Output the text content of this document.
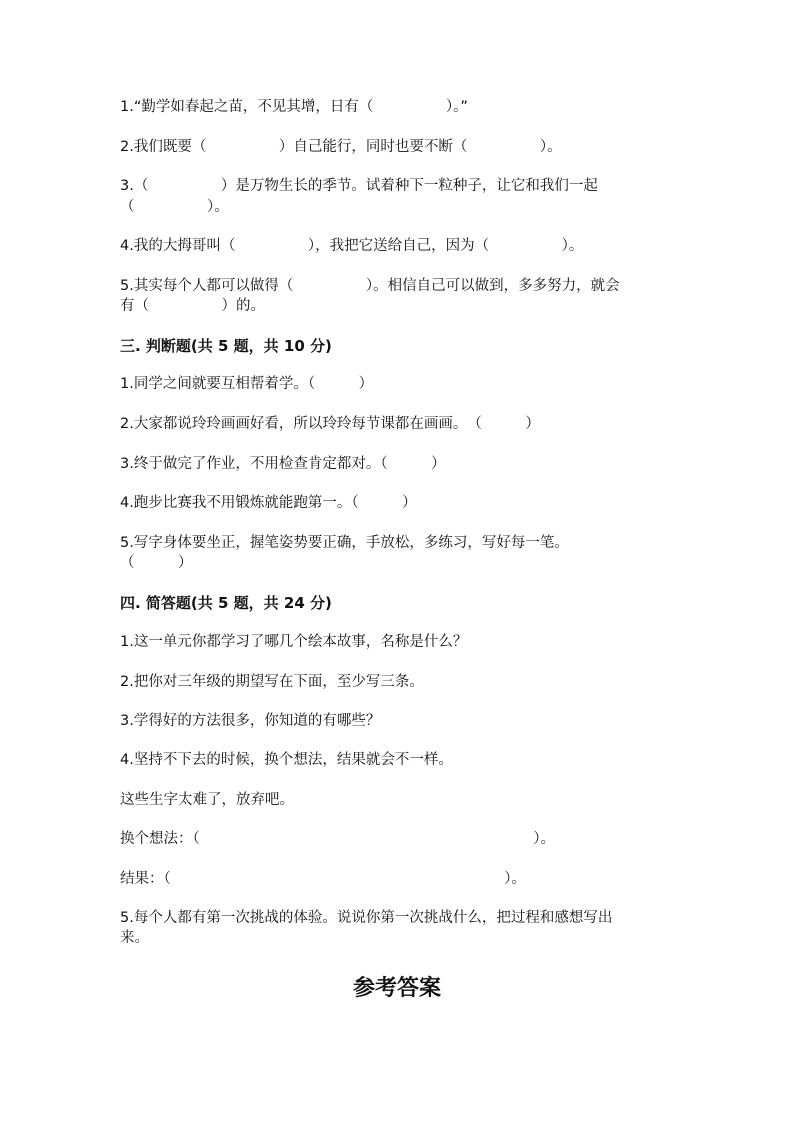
1.“勤学如春起之苗，不见其增，日有（　　　　　）。”
2.我们既要（　　　　　）自己能行，同时也要不断（　　　　　）。
3.（　　　　　）是万物生长的季节。试着种下一粒种子，让它和我们一起
（　　　　　）。
4.我的大拇哥叫（　　　　　），我把它送给自己，因为（　　　　　）。
5.其实每个人都可以做得（　　　　　）。相信自己可以做到，多多努力，就会
有（　　　　　）的。
三. 判断题(共 5 题，共 10 分)
1.同学之间就要互相帮着学。（　　　）
2.大家都说玲玲画画好看，所以玲玲每节课都在画画。　（　　　）
3.终于做完了作业，不用检查肯定都对。（　　　）
4.跑步比赛我不用锻炼就能跑第一。（　　　）
5.写字身体要坐正，握笔姿势要正确，手放松，多练习，写好每一笔。
（　　　）
四. 简答题(共 5 题，共 24 分)
1.这一单元你都学习了哪几个绘本故事，名称是什么？
2.把你对三年级的期望写在下面，至少写三条。
3.学得好的方法很多，你知道的有哪些？
4.坚持不下去的时候，换个想法，结果就会不一样。
这些生字太难了，放弃吧。
换个想法：（　　　　　　　　　　　　　　　　　　　　　　　）。
结果：（　　　　　　　　　　　　　　　　　　　　　　　）。
5.每个人都有第一次挑战的体验。说说你第一次挑战什么，把过程和感想写出
来。
参考答案
